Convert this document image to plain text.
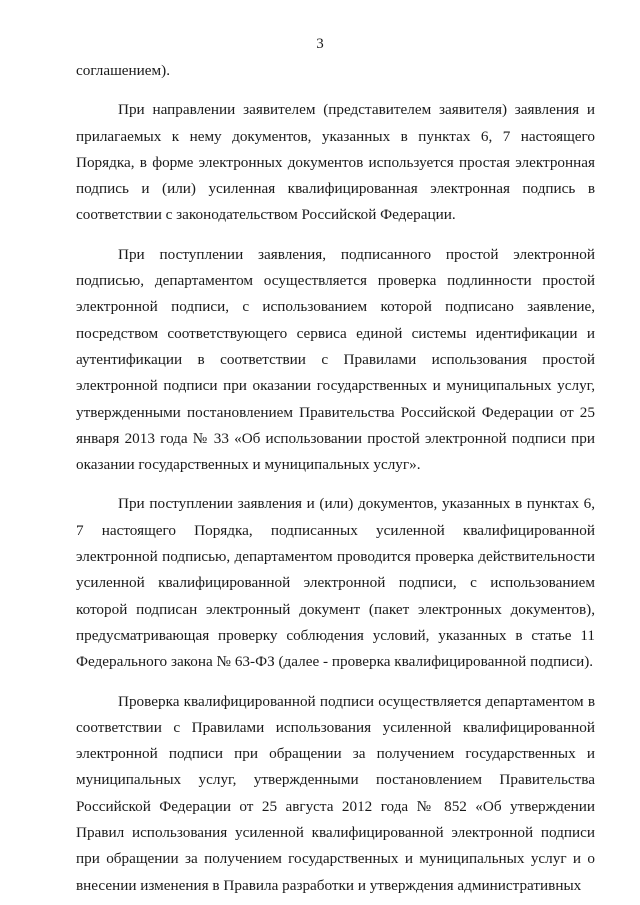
3

соглашением).

При направлении заявителем (представителем заявителя) заявления и прилагаемых к нему документов, указанных в пунктах 6, 7 настоящего Порядка, в форме электронных документов используется простая электронная подпись и (или) усиленная квалифицированная электронная подпись в соответствии с законодательством Российской Федерации.

При поступлении заявления, подписанного простой электронной подписью, департаментом осуществляется проверка подлинности простой электронной подписи, с использованием которой подписано заявление, посредством соответствующего сервиса единой системы идентификации и аутентификации в соответствии с Правилами использования простой электронной подписи при оказании государственных и муниципальных услуг, утвержденными постановлением Правительства Российской Федерации от 25 января 2013 года № 33 «Об использовании простой электронной подписи при оказании государственных и муниципальных услуг».

При поступлении заявления и (или) документов, указанных в пунктах 6, 7 настоящего Порядка, подписанных усиленной квалифицированной электронной подписью, департаментом проводится проверка действительности усиленной квалифицированной электронной подписи, с использованием которой подписан электронный документ (пакет электронных документов), предусматривающая проверку соблюдения условий, указанных в статье 11 Федерального закона № 63-ФЗ (далее - проверка квалифицированной подписи).

Проверка квалифицированной подписи осуществляется департаментом в соответствии с Правилами использования усиленной квалифицированной электронной подписи при обращении за получением государственных и муниципальных услуг, утвержденными постановлением Правительства Российской Федерации от 25 августа 2012 года № 852 «Об утверждении Правил использования усиленной квалифицированной электронной подписи при обращении за получением государственных и муниципальных услуг и о внесении изменения в Правила разработки и утверждения административных
